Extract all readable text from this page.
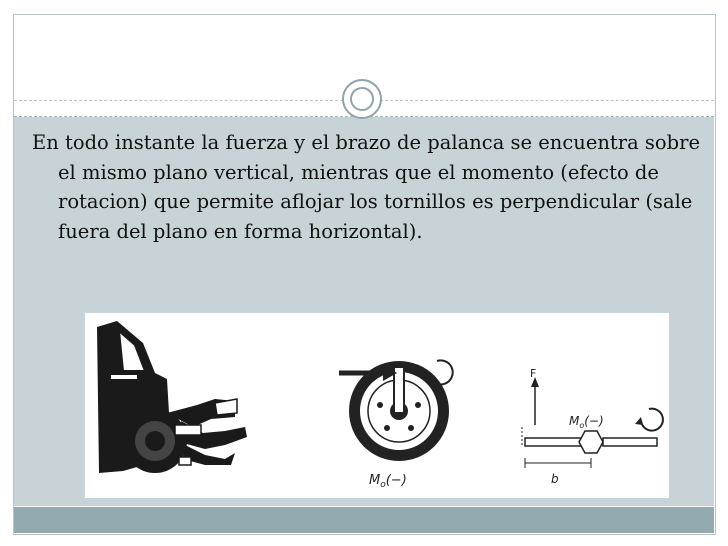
En todo instante la fuerza y el brazo de palanca se encuentra sobre el mismo plano vertical, mientras que el momento (efecto de rotacion) que permite aflojar los tornillos es perpendicular (sale fuera del plano en forma horizontal).

$M_o(-)$
F
b
$M_o(-)$
